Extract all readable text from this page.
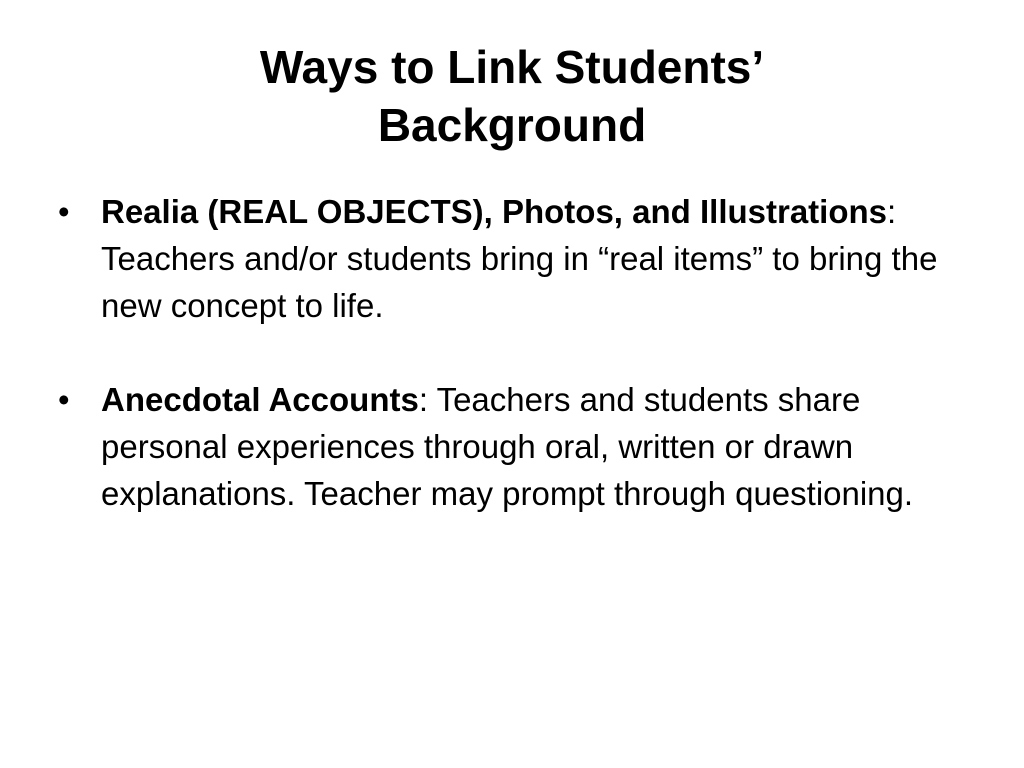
Ways to Link Students’
Background
• Realia (REAL OBJECTS), Photos, and Illustrations: Teachers and/or students bring in “real items” to bring the new concept to life.
• Anecdotal Accounts: Teachers and students share personal experiences through oral, written or drawn explanations. Teacher may prompt through questioning.
